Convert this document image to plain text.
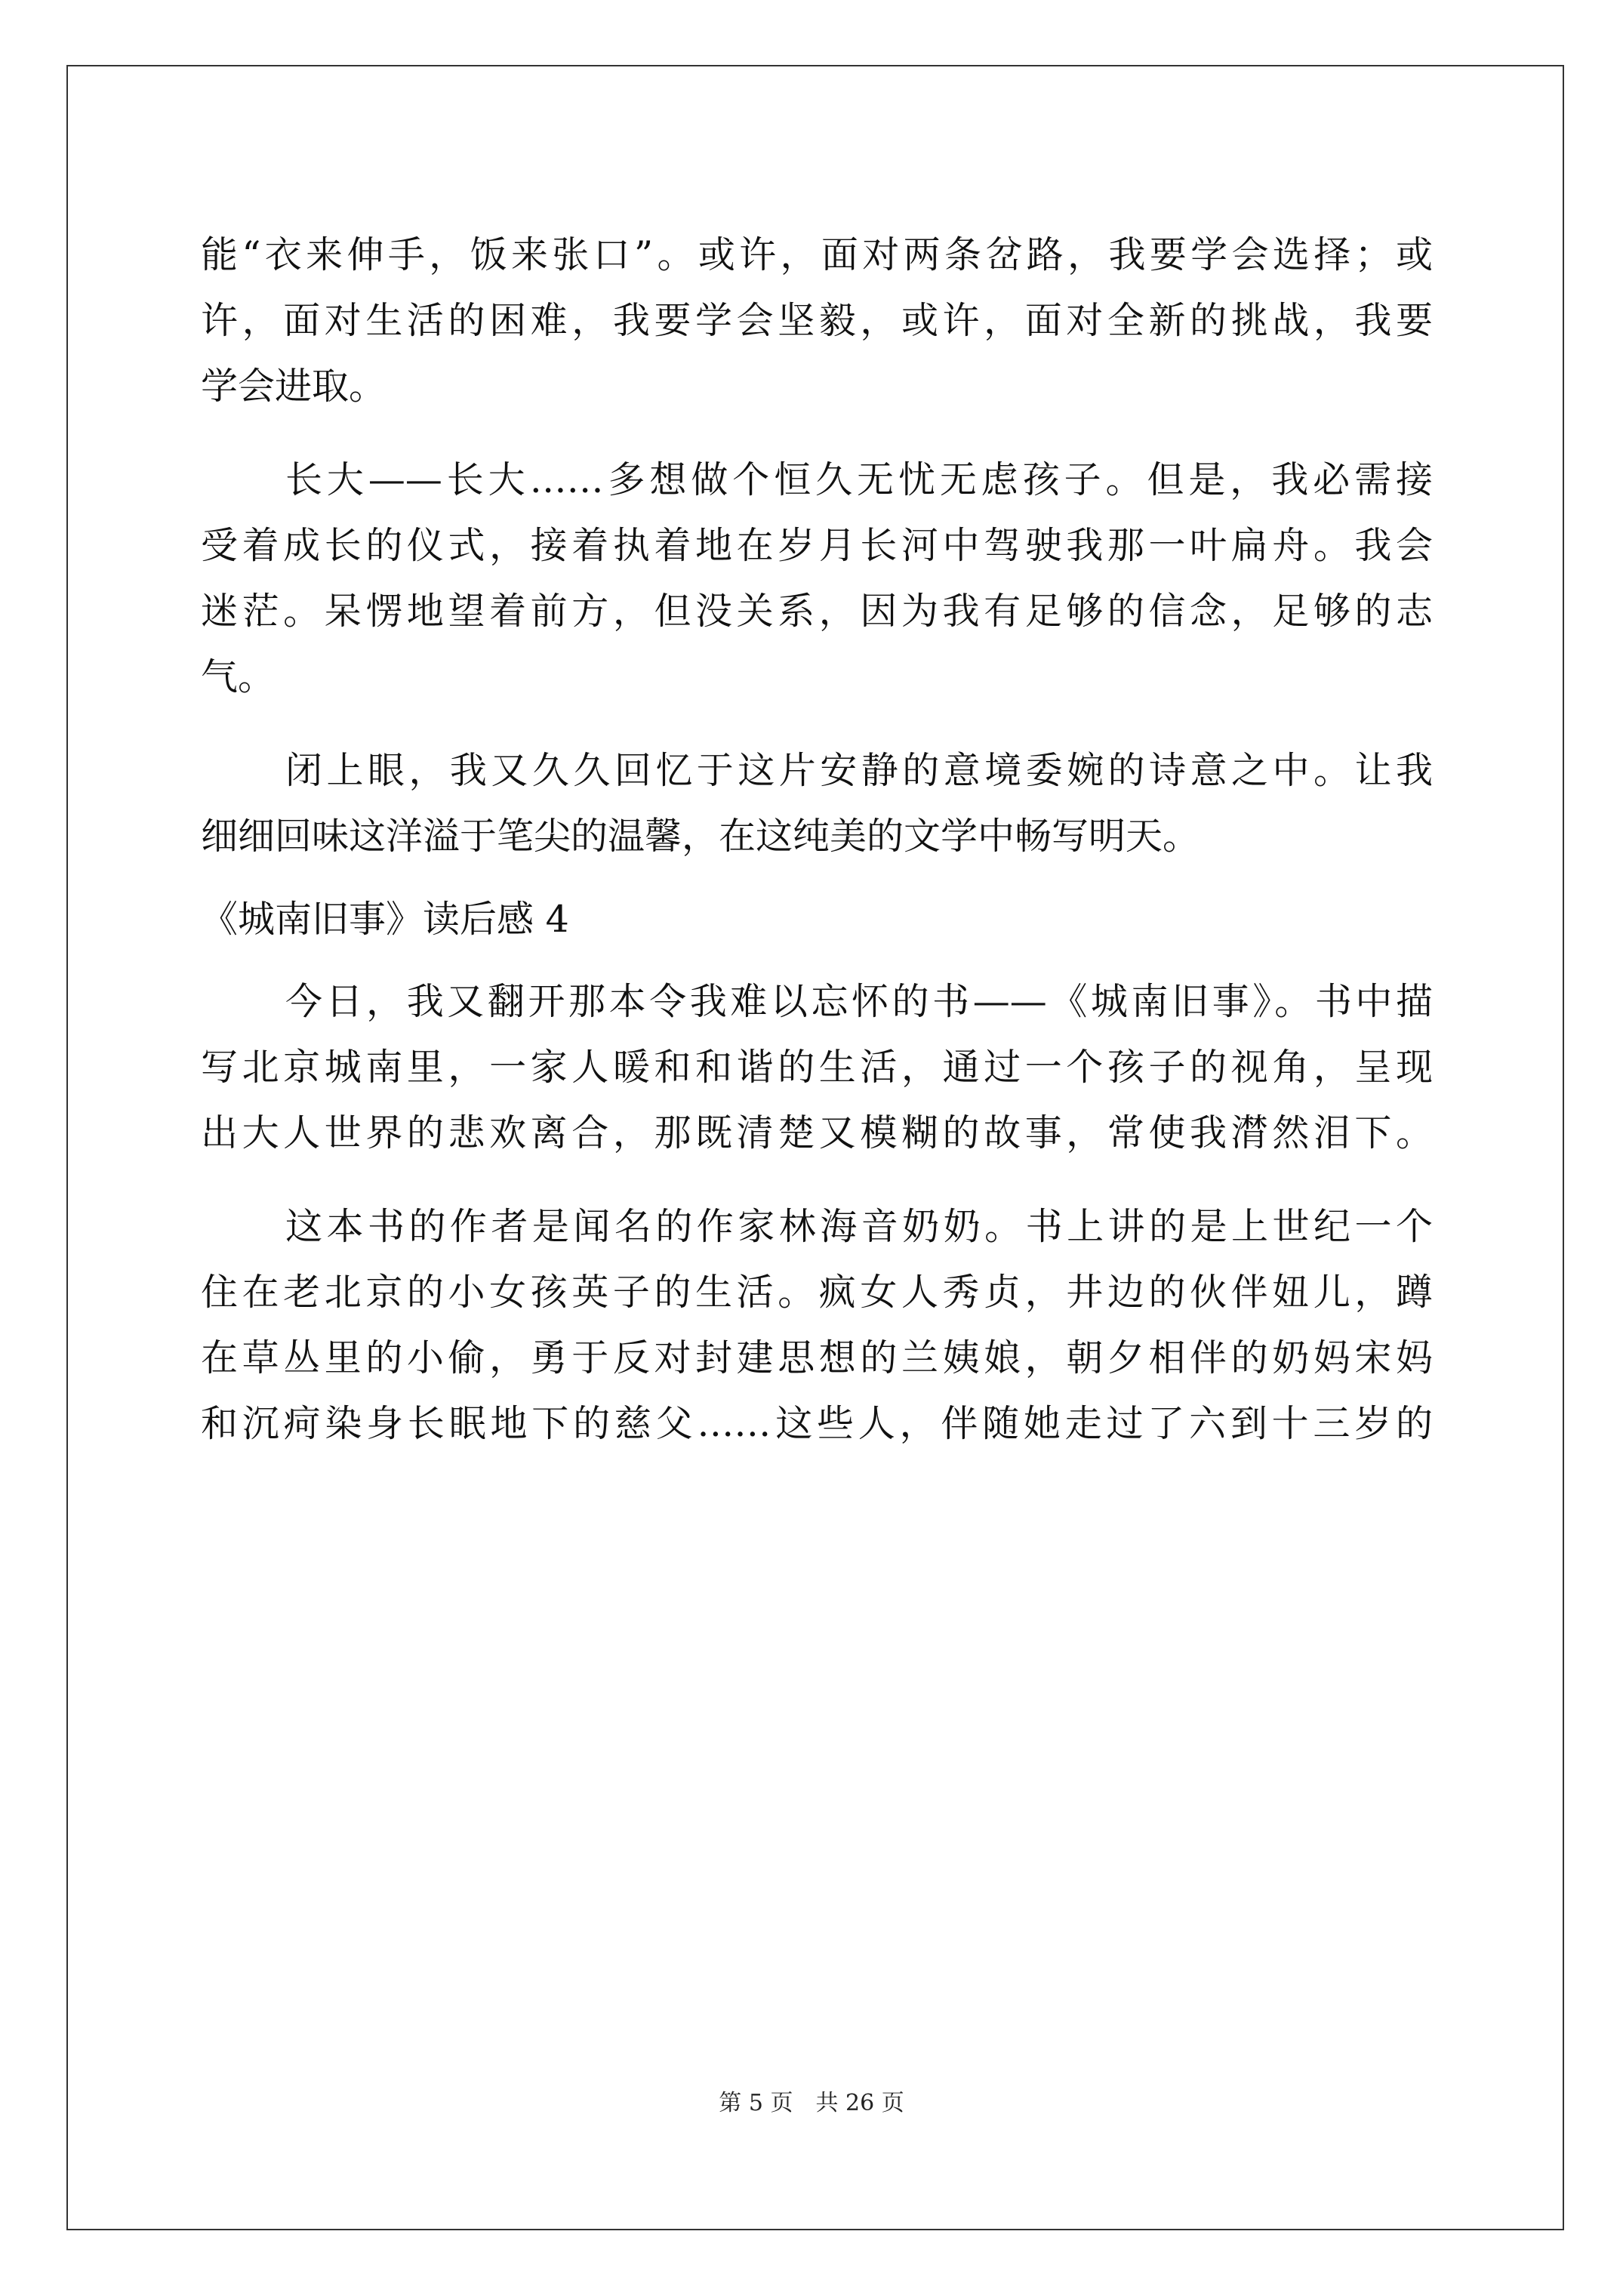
能“衣来伸手，饭来张口”。或许，面对两条岔路，我要学会选择；或
许，面对生活的困难，我要学会坚毅，或许，面对全新的挑战，我要
学会进取。
长大——长大……多想做个恒久无忧无虑孩子。但是，我必需接
受着成长的仪式，接着执着地在岁月长河中驾驶我那一叶扁舟。我会
迷茫。呆愣地望着前方，但没关系，因为我有足够的信念，足够的志
气。
闭上眼，我又久久回忆于这片安静的意境委婉的诗意之中。让我
细细回味这洋溢于笔尖的温馨，在这纯美的文学中畅写明天。
《城南旧事》读后感 4
今日，我又翻开那本令我难以忘怀的书——《城南旧事》。书中描
写北京城南里，一家人暖和和谐的生活，通过一个孩子的视角，呈现
出大人世界的悲欢离合，那既清楚又模糊的故事，常使我潸然泪下。
这本书的作者是闻名的作家林海音奶奶。书上讲的是上世纪一个
住在老北京的小女孩英子的生活。疯女人秀贞，井边的伙伴妞儿，蹲
在草丛里的小偷，勇于反对封建思想的兰姨娘，朝夕相伴的奶妈宋妈
和沉疴染身长眠地下的慈父……这些人，伴随她走过了六到十三岁的
第 5 页　共 26 页
